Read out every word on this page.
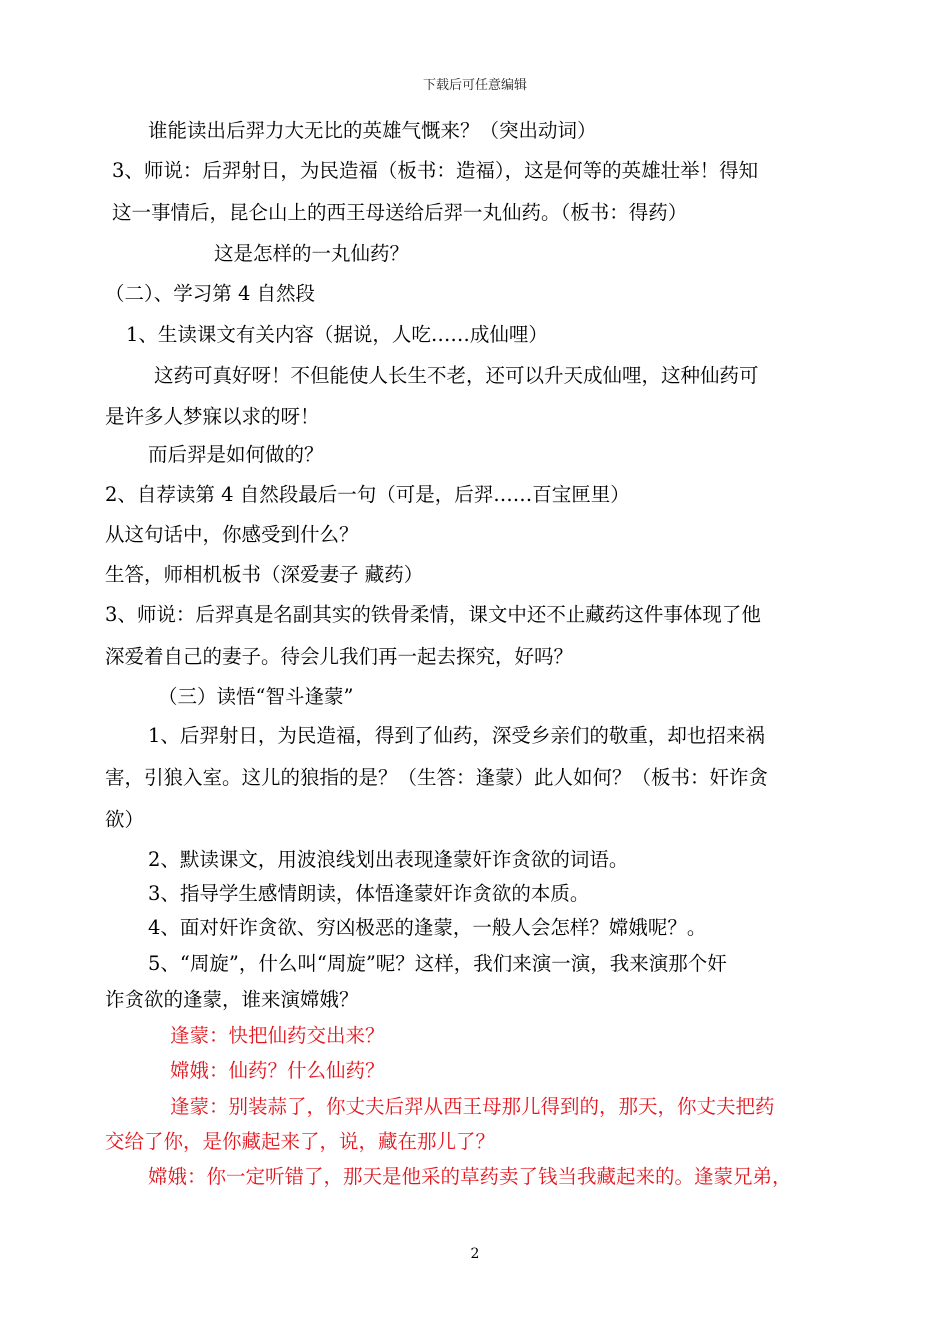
下载后可任意编辑
谁能读出后羿力大无比的英雄气慨来？（突出动词）
3、师说：后羿射日，为民造福（板书：造福），这是何等的英雄壮举！得知
这一事情后，昆仑山上的西王母送给后羿一丸仙药。（板书：得药）
这是怎样的一丸仙药？
（二）、学习第 4 自然段
1、生读课文有关内容（据说，人吃……成仙哩）
这药可真好呀！不但能使人长生不老，还可以升天成仙哩，这种仙药可
是许多人梦寐以求的呀！
而后羿是如何做的？
2、自荐读第 4 自然段最后一句（可是，后羿……百宝匣里）
从这句话中，你感受到什么？
生答，师相机板书（深爱妻子 藏药）
3、师说：后羿真是名副其实的铁骨柔情，课文中还不止藏药这件事体现了他
深爱着自己的妻子。待会儿我们再一起去探究，好吗？
（三）读悟“智斗逢蒙”
1、后羿射日，为民造福，得到了仙药，深受乡亲们的敬重，却也招来祸
害，引狼入室。这儿的狼指的是？（生答：逢蒙）此人如何？（板书：奸诈贪
欲）
2、默读课文，用波浪线划出表现逢蒙奸诈贪欲的词语。
3、指导学生感情朗读，体悟逢蒙奸诈贪欲的本质。
4、面对奸诈贪欲、穷凶极恶的逢蒙，一般人会怎样？嫦娥呢？。
5、“周旋”，什么叫“周旋”呢？这样，我们来演一演，我来演那个奸
诈贪欲的逢蒙，谁来演嫦娥？
逢蒙：快把仙药交出来？
嫦娥：仙药？什么仙药？
逢蒙：别装蒜了，你丈夫后羿从西王母那儿得到的，那天，你丈夫把药
交给了你，是你藏起来了，说，藏在那儿了？
嫦娥：你一定听错了，那天是他采的草药卖了钱当我藏起来的。逢蒙兄弟，
2
